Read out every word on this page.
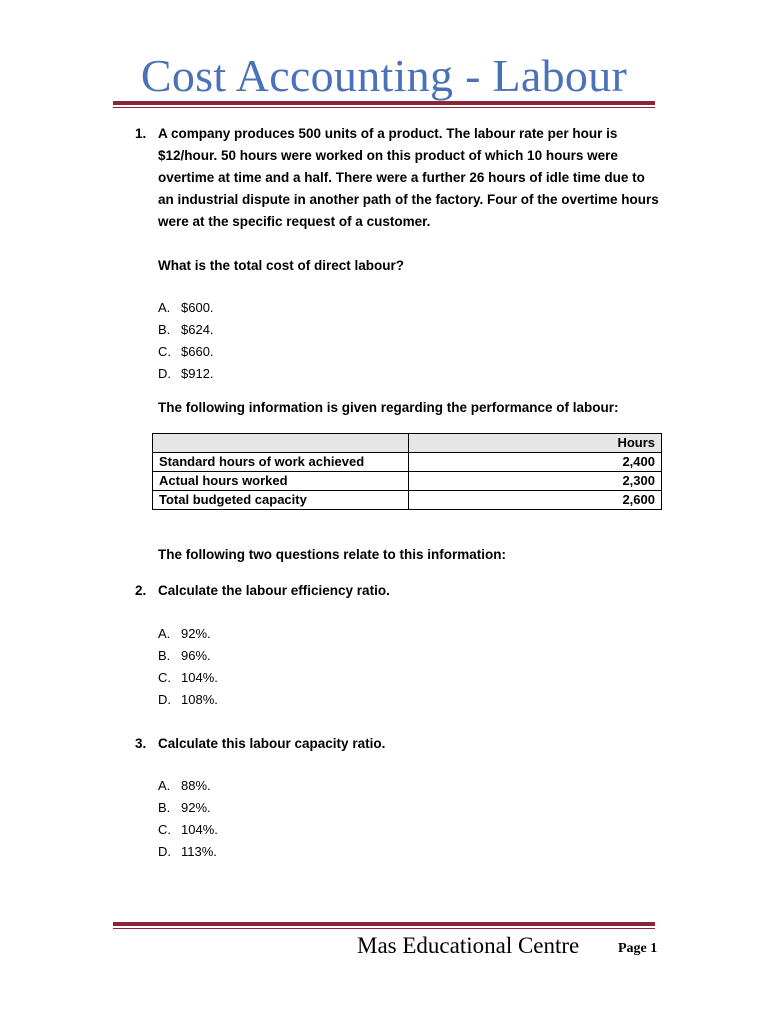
Cost Accounting - Labour
1. A company produces 500 units of a product. The labour rate per hour is
$12/hour. 50 hours were worked on this product of which 10 hours were
overtime at time and a half. There were a further 26 hours of idle time due to
an industrial dispute in another path of the factory. Four of the overtime hours
were at the specific request of a customer.
What is the total cost of direct labour?
A. $600.
B. $624.
C. $660.
D. $912.
The following information is given regarding the performance of labour:
	Hours
Standard hours of work achieved	2,400
Actual hours worked	2,300
Total budgeted capacity	2,600
The following two questions relate to this information:
2. Calculate the labour efficiency ratio.
A. 92%.
B. 96%.
C. 104%.
D. 108%.
3. Calculate this labour capacity ratio.
A. 88%.
B. 92%.
C. 104%.
D. 113%.
Mas Educational Centre	Page 1
